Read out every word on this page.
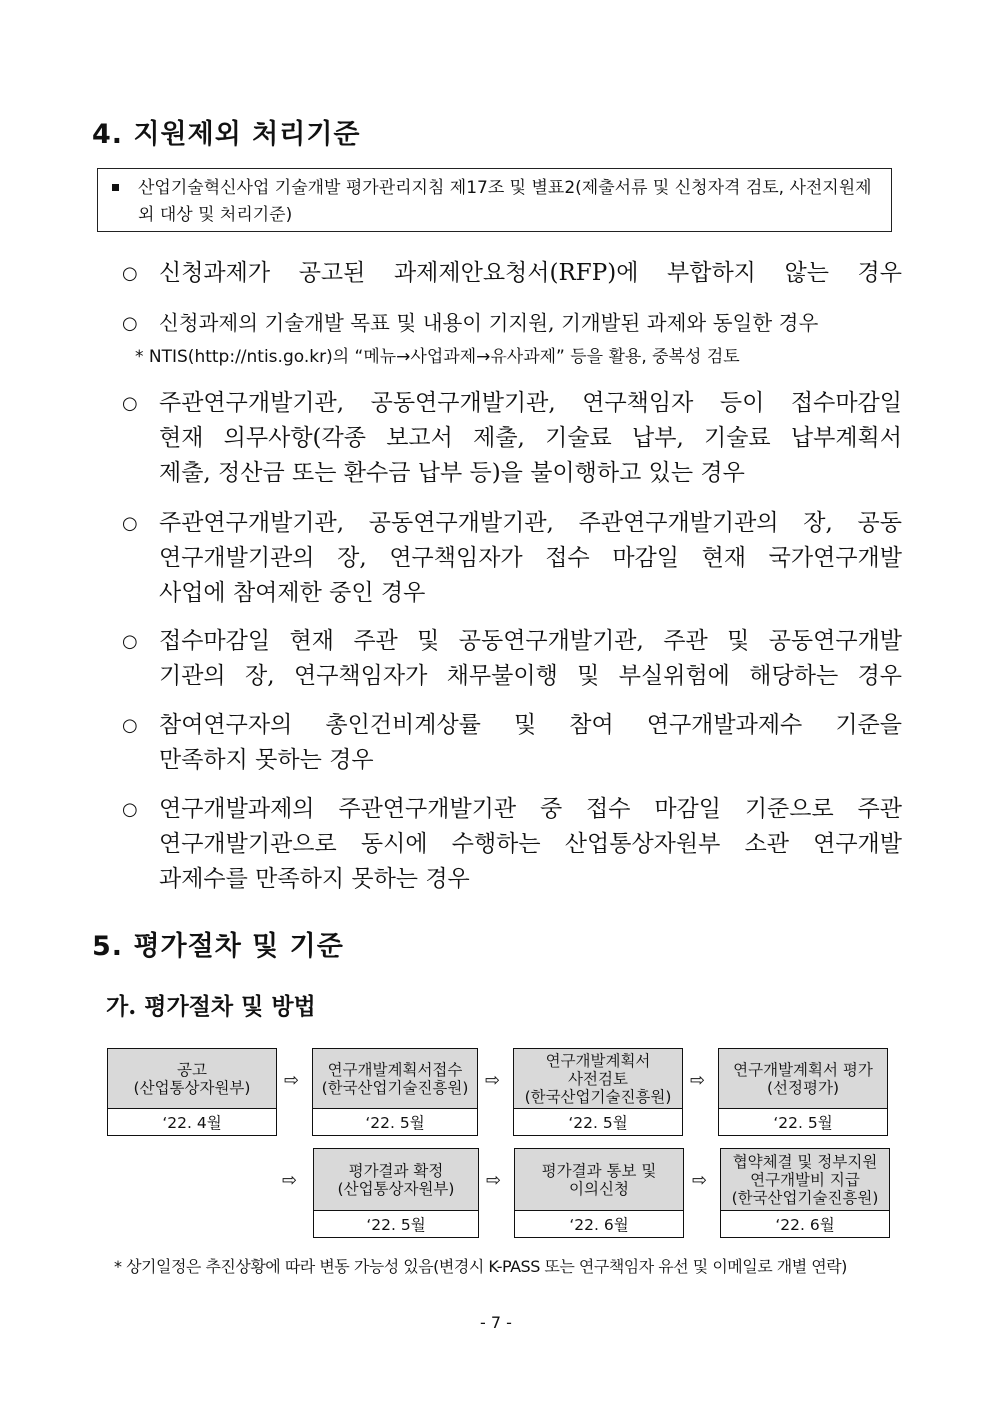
4. 지원제외 처리기준
산업기술혁신사업 기술개발 평가관리지침 제17조 및 별표2(제출서류 및 신청자격 검토, 사전지원제외 대상 및 처리기준)
○ 신청과제가 공고된 과제제안요청서(RFP)에 부합하지 않는 경우
○ 신청과제의 기술개발 목표 및 내용이 기지원, 기개발된 과제와 동일한 경우
* NTIS(http://ntis.go.kr)의 “메뉴→사업과제→유사과제” 등을 활용, 중복성 검토
○ 주관연구개발기관, 공동연구개발기관, 연구책임자 등이 접수마감일
현재 의무사항(각종 보고서 제출, 기술료 납부, 기술료 납부계획서
제출, 정산금 또는 환수금 납부 등)을 불이행하고 있는 경우
○ 주관연구개발기관, 공동연구개발기관, 주관연구개발기관의 장, 공동
연구개발기관의 장, 연구책임자가 접수 마감일 현재 국가연구개발
사업에 참여제한 중인 경우
○ 접수마감일 현재 주관 및 공동연구개발기관, 주관 및 공동연구개발
기관의 장, 연구책임자가 채무불이행 및 부실위험에 해당하는 경우
○ 참여연구자의 총인건비계상률 및 참여 연구개발과제수 기준을
만족하지 못하는 경우
○ 연구개발과제의 주관연구개발기관 중 접수 마감일 기준으로 주관
연구개발기관으로 동시에 수행하는 산업통상자원부 소관 연구개발
과제수를 만족하지 못하는 경우
5. 평가절차 및 기준
가. 평가절차 및 방법
공고
(산업통상자원부)
‘22. 4월
⇨
연구개발계획서접수
(한국산업기술진흥원)
‘22. 5월
⇨
연구개발계획서
사전검토
(한국산업기술진흥원)
‘22. 5월
⇨
연구개발계획서 평가
(선정평가)
‘22. 5월
⇨	평가결과 확정
(산업통상자원부)
‘22. 5월
⇨	평가결과 통보 및
이의신청
‘22. 6월
⇨
협약체결 및 정부지원
연구개발비 지급
(한국산업기술진흥원)
‘22. 6월
* 상기일정은 추진상황에 따라 변동 가능성 있음(변경시 K-PASS 또는 연구책임자 유선 및 이메일로 개별 연락)
- 7 -
